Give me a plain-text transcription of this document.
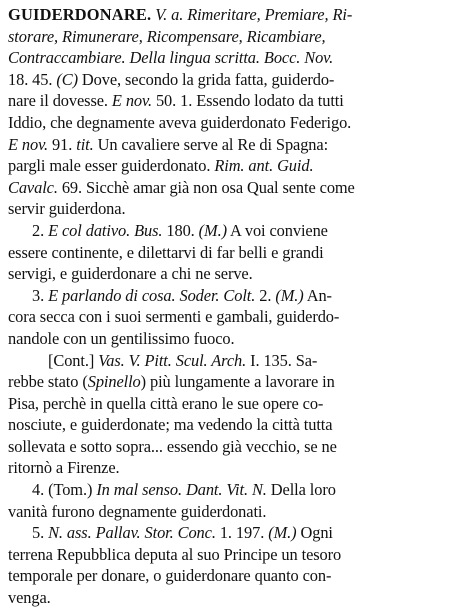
GUIDERDONARE. V. a. Rimeritare, Premiare, Ri-
storare, Rimunerare, Ricompensare, Ricambiare,
Contraccambiare. Della lingua scritta. Bocc. Nov.
18. 45. (C) Dove, secondo la grida fatta, guiderdo-
nare il dovesse. E nov. 50. 1. Essendo lodato da tutti
Iddio, che degnamente aveva guiderdonato Federigo.
E nov. 91. tit. Un cavaliere serve al Re di Spagna:
pargli male esser guiderdonato. Rim. ant. Guid.
Cavalc. 69. Sicchè amar già non osa Qual sente come
servir guiderdona.
2. E col dativo. Bus. 180. (M.) A voi conviene
essere continente, e dilettarvi di far belli e grandi
servigi, e guiderdonare a chi ne serve.
3. E parlando di cosa. Soder. Colt. 2. (M.) An-
cora secca con i suoi sermenti e gambali, guiderdo-
nandole con un gentilissimo fuoco.
[Cont.] Vas. V. Pitt. Scul. Arch. I. 135. Sa-
rebbe stato (Spinello) più lungamente a lavorare in
Pisa, perchè in quella città erano le sue opere co-
nosciute, e guiderdonate; ma vedendo la città tutta
sollevata e sotto sopra... essendo già vecchio, se ne
ritornò a Firenze.
4. (Tom.) In mal senso. Dant. Vit. N. Della loro
vanità furono degnamente guiderdonati.
5. N. ass. Pallav. Stor. Conc. 1. 197. (M.) Ogni
terrena Repubblica deputa al suo Principe un tesoro
temporale per donare, o guiderdonare quanto con-
venga.
